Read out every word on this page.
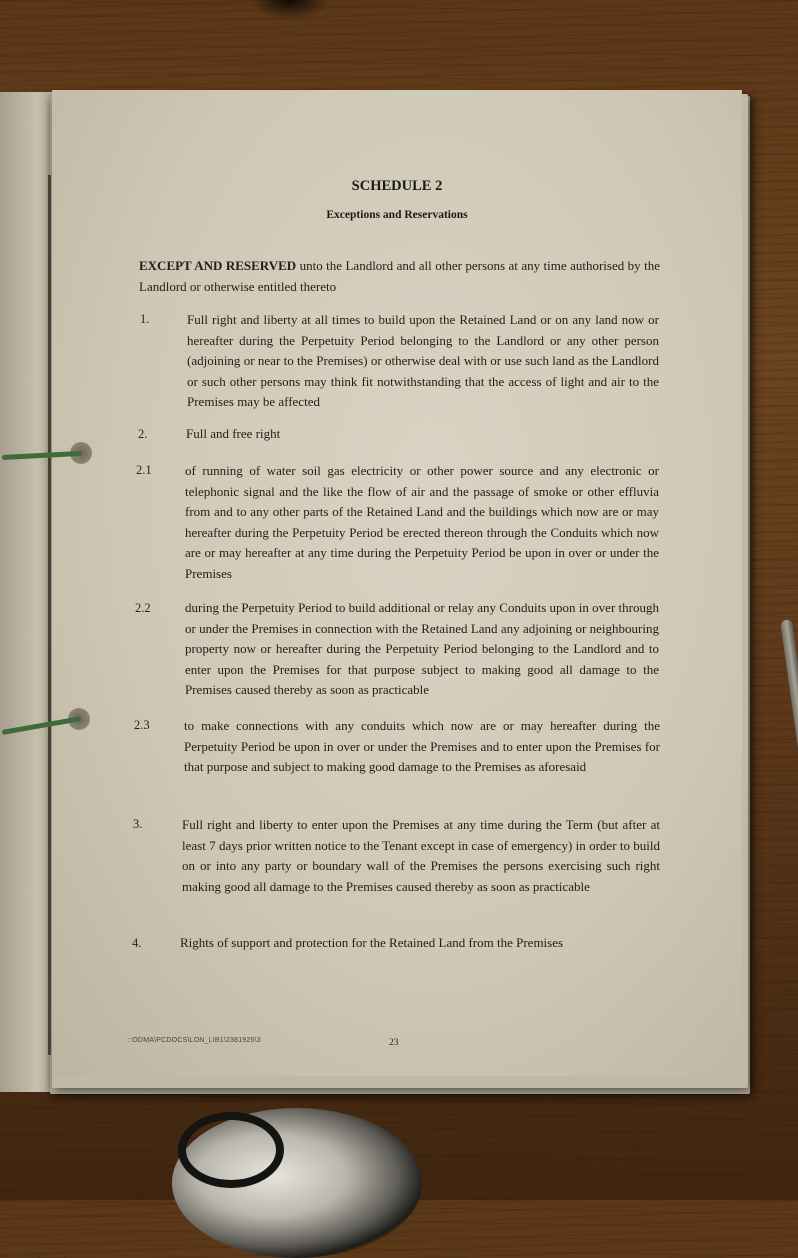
SCHEDULE 2
Exceptions and Reservations
EXCEPT AND RESERVED unto the Landlord and all other persons at any time authorised by the Landlord or otherwise entitled thereto
1.	Full right and liberty at all times to build upon the Retained Land or on any land now or hereafter during the Perpetuity Period belonging to the Landlord or any other person (adjoining or near to the Premises) or otherwise deal with or use such land as the Landlord or such other persons may think fit notwithstanding that the access of light and air to the Premises may be affected
2.	Full and free right
2.1	of running of water soil gas electricity or other power source and any electronic or telephonic signal and the like the flow of air and the passage of smoke or other effluvia from and to any other parts of the Retained Land and the buildings which now are or may hereafter during the Perpetuity Period be erected thereon through the Conduits which now are or may hereafter at any time during the Perpetuity Period be upon in over or under the Premises
2.2	during the Perpetuity Period to build additional or relay any Conduits upon in over through or under the Premises in connection with the Retained Land any adjoining or neighbouring property now or hereafter during the Perpetuity Period belonging to the Landlord and to enter upon the Premises for that purpose subject to making good all damage to the Premises caused thereby as soon as practicable
2.3	to make connections with any conduits which now are or may hereafter during the Perpetuity Period be upon in over or under the Premises and to enter upon the Premises for that purpose and subject to making good damage to the Premises as aforesaid
3.	Full right and liberty to enter upon the Premises at any time during the Term (but after at least 7 days prior written notice to the Tenant except in case of emergency) in order to build on or into any party or boundary wall of the Premises the persons exercising such right making good all damage to the Premises caused thereby as soon as practicable
4.	Rights of support and protection for the Retained Land from the Premises
::ODMA\PCDOCS\LON_LIB1\2381925\3	23
